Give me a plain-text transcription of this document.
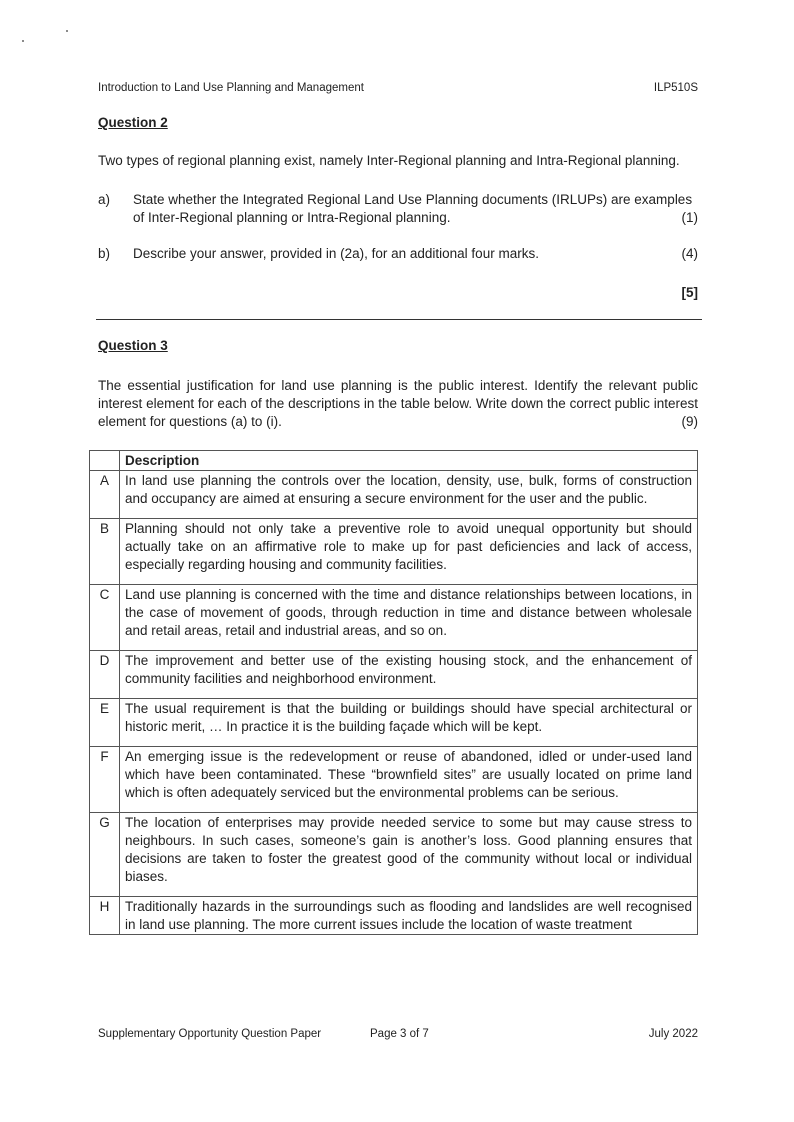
Introduction to Land Use Planning and Management	ILP510S
Question 2
Two types of regional planning exist, namely Inter-Regional planning and Intra-Regional planning.
a) State whether the Integrated Regional Land Use Planning documents (IRLUPs) are examples
of Inter-Regional planning or Intra-Regional planning.	(1)
b) Describe your answer, provided in (2a), for an additional four marks.	(4)
[5]
Question 3
The essential justification for land use planning is the public interest. Identify the relevant public interest element for each of the descriptions in the table below. Write down the correct public interest element for questions (a) to (i).	(9)
	Description
A	In land use planning the controls over the location, density, use, bulk, forms of construction and occupancy are aimed at ensuring a secure environment for the user and the public.
B	Planning should not only take a preventive role to avoid unequal opportunity but should actually take on an affirmative role to make up for past deficiencies and lack of access, especially regarding housing and community facilities.
C	Land use planning is concerned with the time and distance relationships between locations, in the case of movement of goods, through reduction in time and distance between wholesale and retail areas, retail and industrial areas, and so on.
D	The improvement and better use of the existing housing stock, and the enhancement of community facilities and neighborhood environment.
E	The usual requirement is that the building or buildings should have special architectural or historic merit, … In practice it is the building façade which will be kept.
F	An emerging issue is the redevelopment or reuse of abandoned, idled or under-used land which have been contaminated. These “brownfield sites” are usually located on prime land which is often adequately serviced but the environmental problems can be serious.
G	The location of enterprises may provide needed service to some but may cause stress to neighbours. In such cases, someone’s gain is another’s loss. Good planning ensures that decisions are taken to foster the greatest good of the community without local or individual biases.
H	Traditionally hazards in the surroundings such as flooding and landslides are well recognised in land use planning. The more current issues include the location of waste treatment
Supplementary Opportunity Question Paper	Page 3 of 7	July 2022
